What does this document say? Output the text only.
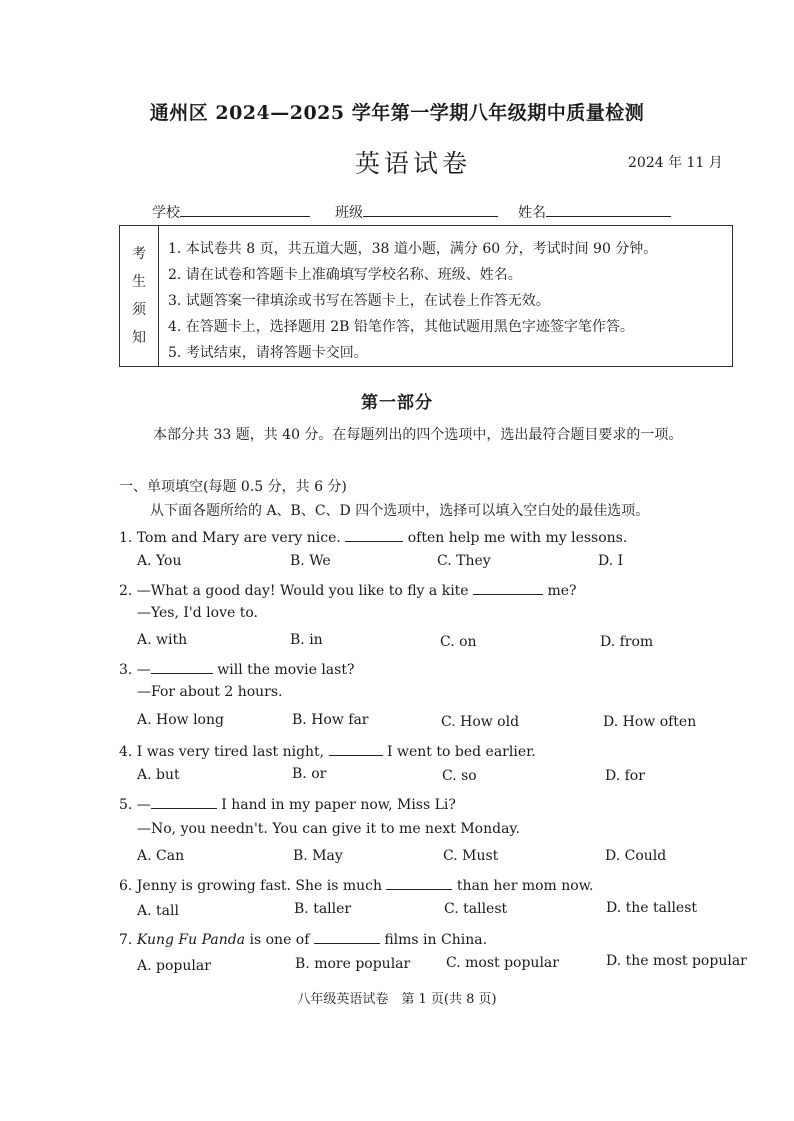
通州区 2024—2025 学年第一学期八年级期中质量检测
英语试卷	2024 年 11 月
学校	班级	姓名
考
生
须
知
1. 本试卷共 8 页，共五道大题，38 道小题，满分 60 分，考试时间 90 分钟。
2. 请在试卷和答题卡上准确填写学校名称、班级、姓名。
3. 试题答案一律填涂或书写在答题卡上，在试卷上作答无效。
4. 在答题卡上，选择题用 2B 铅笔作答，其他试题用黑色字迹签字笔作答。
5. 考试结束，请将答题卡交回。
第一部分
本部分共 33 题，共 40 分。在每题列出的四个选项中，选出最符合题目要求的一项。
一、单项填空(每题 0.5 分，共 6 分)
从下面各题所给的 A、B、C、D 四个选项中，选择可以填入空白处的最佳选项。
1. Tom and Mary are very nice.	often help me with my lessons.
A. You	B. We	C. They	D. I
2. —What a good day! Would you like to fly a kite	me?
—Yes, I'd love to.
A. with	B. in	C. on	D. from
3. —	will the movie last?
—For about 2 hours.
A. How long	B. How far	C. How old	D. How often
4. I was very tired last night,	I went to bed earlier.
A. but	B. or	C. so	D. for
5. —	I hand in my paper now, Miss Li?
—No, you needn't. You can give it to me next Monday.
A. Can	B. May	C. Must	D. Could
6. Jenny is growing fast. She is much	than her mom now.
A. tall	B. taller	C. tallest	D. the tallest
7. Kung Fu Panda is one of	films in China.
A. popular	B. more popular	C. most popular	D. the most popular
八年级英语试卷　第 1 页(共 8 页)
